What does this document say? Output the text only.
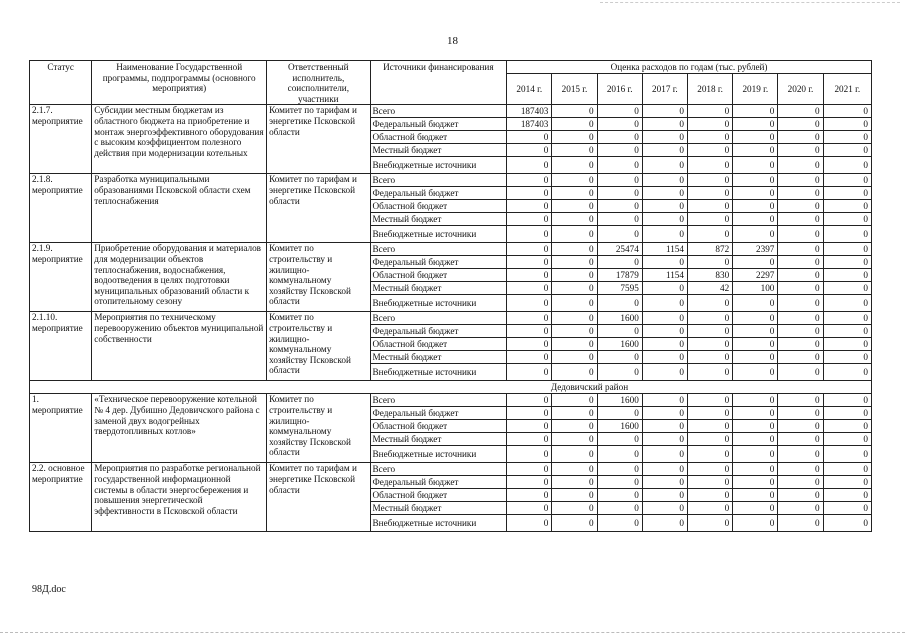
18
Статус	Наименование Государственной программы, подпрограммы (основного мероприятия)	Ответственный исполнитель, соисполнители, участники	Источники финансирования	Оценка расходов по годам (тыс. рублей)							
				2014 г.	2015 г.	2016 г.	2017 г.	2018 г.	2019 г.	2020 г.	2021 г.
2.1.7. мероприятие	Субсидии местным бюджетам из областного бюджета на приобретение и монтаж энергоэффективного оборудования с высоким коэффициентом полезного действия при модернизации котельных	Комитет по тарифам и энергетике Псковской области	Всего	187403	0	0	0	0	0	0	0
			Федеральный бюджет	187403	0	0	0	0	0	0	0
			Областной бюджет	0	0	0	0	0	0	0	0
			Местный бюджет	0	0	0	0	0	0	0	0
			Внебюджетные источники	0	0	0	0	0	0	0	0
2.1.8. мероприятие	Разработка муниципальными образованиями Псковской области схем теплоснабжения	Комитет по тарифам и энергетике Псковской области	Всего	0	0	0	0	0	0	0	0
			Федеральный бюджет	0	0	0	0	0	0	0	0
			Областной бюджет	0	0	0	0	0	0	0	0
			Местный бюджет	0	0	0	0	0	0	0	0
			Внебюджетные источники	0	0	0	0	0	0	0	0
2.1.9. мероприятие	Приобретение оборудования и материалов для модернизации объектов теплоснабжения, водоснабжения, водоотведения в целях подготовки муниципальных образований области к отопительному сезону	Комитет по строительству и жилищно-коммунальному хозяйству Псковской области	Всего	0	0	25474	1154	872	2397	0	0
			Федеральный бюджет	0	0	0	0	0	0	0	0
			Областной бюджет	0	0	17879	1154	830	2297	0	0
			Местный бюджет	0	0	7595	0	42	100	0	0
			Внебюджетные источники	0	0	0	0	0	0	0	0
2.1.10. мероприятие	Мероприятия по техническому перевооружению объектов муниципальной собственности	Комитет по строительству и жилищно-коммунальному хозяйству Псковской области	Всего	0	0	1600	0	0	0	0	0
			Федеральный бюджет	0	0	0	0	0	0	0	0
			Областной бюджет	0	0	1600	0	0	0	0	0
			Местный бюджет	0	0	0	0	0	0	0	0
			Внебюджетные источники	0	0	0	0	0	0	0	0
Дедовичский район											
1. мероприятие	«Техническое перевооружение котельной № 4 дер. Дубишно Дедовичского района с заменой двух водогрейных твердотопливных котлов»	Комитет по строительству и жилищно-коммунальному хозяйству Псковской области	Всего	0	0	1600	0	0	0	0	0
			Федеральный бюджет	0	0	0	0	0	0	0	0
			Областной бюджет	0	0	1600	0	0	0	0	0
			Местный бюджет	0	0	0	0	0	0	0	0
			Внебюджетные источники	0	0	0	0	0	0	0	0
2.2. основное мероприятие	Мероприятия по разработке региональной государственной информационной системы в области энергосбережения и повышения энергетической эффективности в Псковской области	Комитет по тарифам и энергетике Псковской области	Всего	0	0	0	0	0	0	0	0
			Федеральный бюджет	0	0	0	0	0	0	0	0
			Областной бюджет	0	0	0	0	0	0	0	0
			Местный бюджет	0	0	0	0	0	0	0	0
			Внебюджетные источники	0	0	0	0	0	0	0	0
98Д.doc
